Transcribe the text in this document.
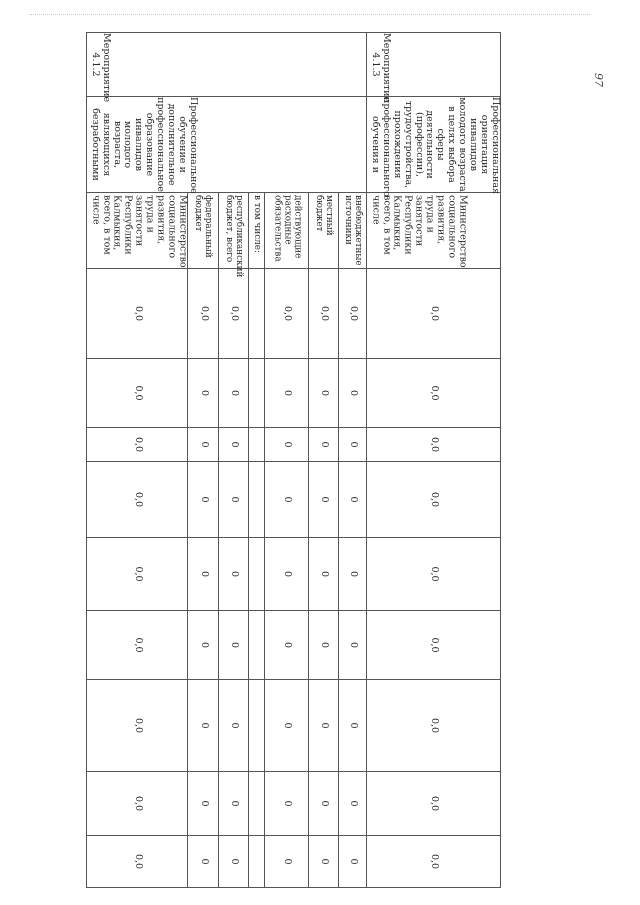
97
Мероприятие 4.1.2	Профессиональное обучение и дополнительное профессиональное образование инвалидов молодого возраста, являющихся безработными	Министерство социального развития, труда и занятости Республики Калмыкия, всего, в том числе	0,0	0,0	0,0	0,0	0,0	0,0	0,0	0,0	0,0

		федеральный бюджет	0,0	0	0	0	0	0	0	0	0

		республиканский бюджет, всего	0,0	0	0	0	0	0	0	0	0

		в том числе:									

		действующие расходные обязательства	0,0	0	0	0	0	0	0	0	0

		местный бюджет	0,0	0	0	0	0	0	0	0	0

		внебюджетные источники	0,0	0	0	0	0	0	0	0	0

Мероприятие 4.1.3	Профессиональная ориентация инвалидов молодого возраста в целях выбора сферы деятельности (профессии), трудоустройства, прохождения профессионального обучения и	Министерство социального развития, труда и занятости Республики Калмыкия, всего, в том числе	0,0	0,0	0,0	0,0	0,0	0,0	0,0	0,0	0,0
